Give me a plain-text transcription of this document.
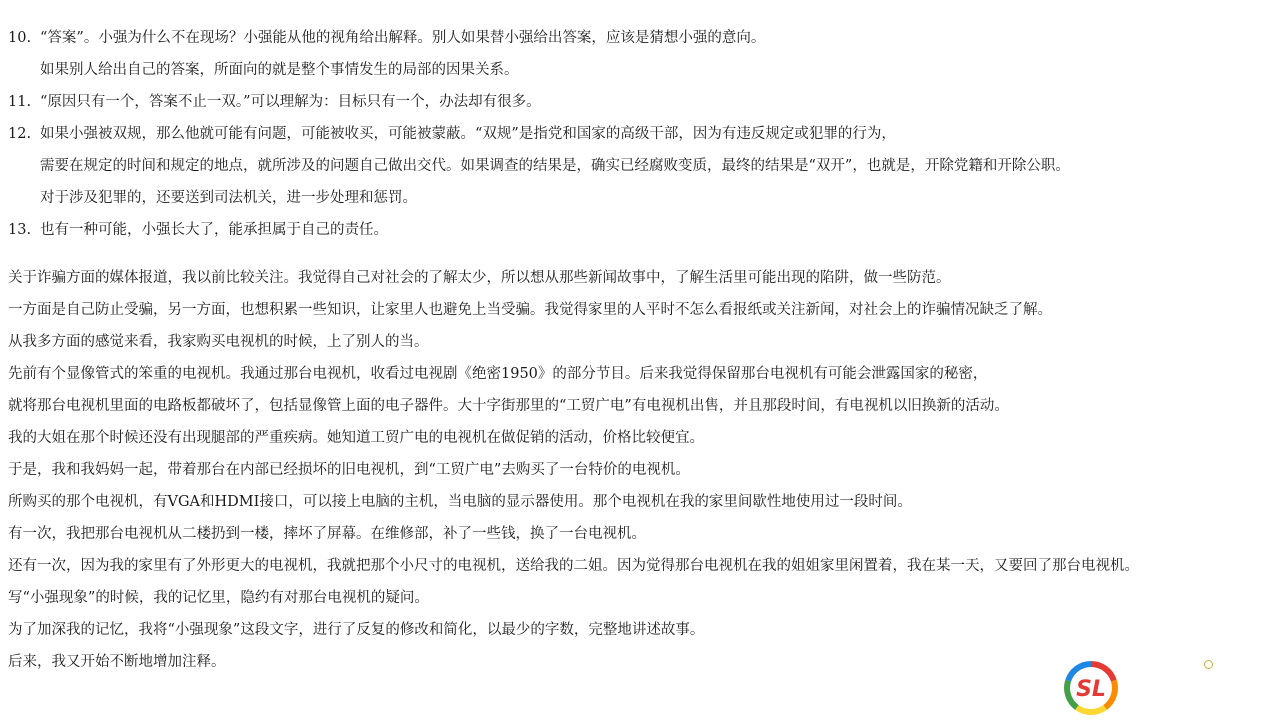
10. “答案”。小强为什么不在现场？小强能从他的视角给出解释。别人如果替小强给出答案，应该是猜想小强的意向。
如果别人给出自己的答案，所面向的就是整个事情发生的局部的因果关系。
11. “原因只有一个，答案不止一双。”可以理解为：目标只有一个，办法却有很多。
12. 如果小强被双规，那么他就可能有问题，可能被收买，可能被蒙蔽。“双规”是指党和国家的高级干部，因为有违反规定或犯罪的行为，
需要在规定的时间和规定的地点，就所涉及的问题自己做出交代。如果调查的结果是，确实已经腐败变质，最终的结果是“双开”，也就是，开除党籍和开除公职。
对于涉及犯罪的，还要送到司法机关，进一步处理和惩罚。
13. 也有一种可能，小强长大了，能承担属于自己的责任。
关于诈骗方面的媒体报道，我以前比较关注。我觉得自己对社会的了解太少，所以想从那些新闻故事中，了解生活里可能出现的陷阱，做一些防范。
一方面是自己防止受骗，另一方面，也想积累一些知识，让家里人也避免上当受骗。我觉得家里的人平时不怎么看报纸或关注新闻，对社会上的诈骗情况缺乏了解。
从我多方面的感觉来看，我家购买电视机的时候，上了别人的当。
先前有个显像管式的笨重的电视机。我通过那台电视机，收看过电视剧《绝密1950》的部分节目。后来我觉得保留那台电视机有可能会泄露国家的秘密，
就将那台电视机里面的电路板都破坏了，包括显像管上面的电子器件。大十字街那里的“工贸广电”有电视机出售，并且那段时间，有电视机以旧换新的活动。
我的大姐在那个时候还没有出现腿部的严重疾病。她知道工贸广电的电视机在做促销的活动，价格比较便宜。
于是，我和我妈妈一起，带着那台在内部已经损坏的旧电视机，到“工贸广电”去购买了一台特价的电视机。
所购买的那个电视机，有VGA和HDMI接口，可以接上电脑的主机，当电脑的显示器使用。那个电视机在我的家里间歇性地使用过一段时间。
有一次，我把那台电视机从二楼扔到一楼，摔坏了屏幕。在维修部，补了一些钱，换了一台电视机。
还有一次，因为我的家里有了外形更大的电视机，我就把那个小尺寸的电视机，送给我的二姐。因为觉得那台电视机在我的姐姐家里闲置着，我在某一天，又要回了那台电视机。
写“小强现象”的时候，我的记忆里，隐约有对那台电视机的疑问。
为了加深我的记忆，我将“小强现象”这段文字，进行了反复的修改和简化，以最少的字数，完整地讲述故事。
后来，我又开始不断地增加注释。
SL
